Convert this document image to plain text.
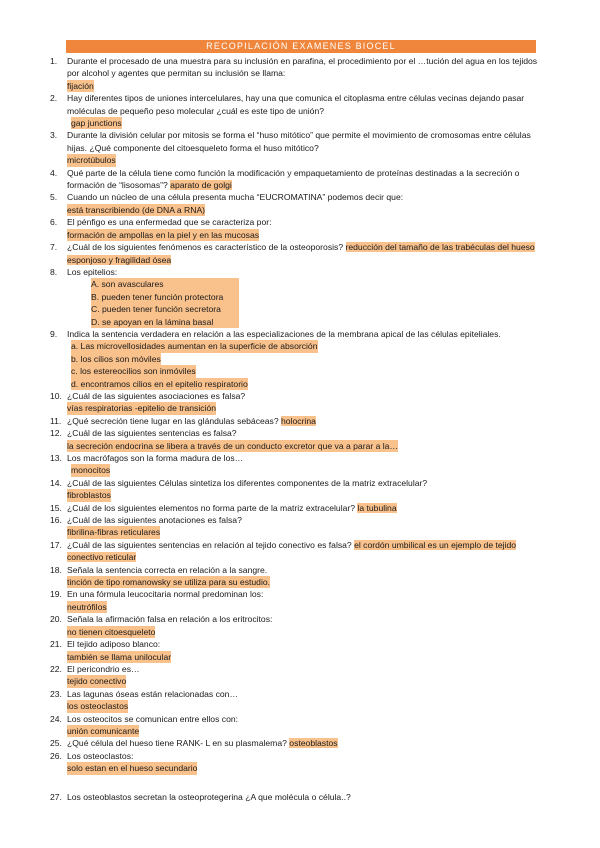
RECOPILACIÓN EXAMENES BIOCEL
1. Durante el procesado de una muestra para su inclusión en parafina, el procedimiento por el …tución del agua en los tejidos por alcohol y agentes que permitan su inclusión se llama:
fijación
2. Hay diferentes tipos de uniones intercelulares, hay una que comunica el citoplasma entre células vecinas dejando pasar moléculas de pequeño peso molecular ¿cuál es este tipo de unión?
gap junctions
3. Durante la división celular por mitosis se forma el “huso mitótico” que permite el movimiento de cromosomas entre células hijas. ¿Qué componente del citoesqueleto forma el huso mitótico?
microtúbulos
4. Qué parte de la célula tiene como función la modificación y empaquetamiento de proteínas destinadas a la secreción o formación de “lisosomas”? aparato de golgi
5. Cuando un núcleo de una célula presenta mucha “EUCROMATINA” podemos decir que:
está transcribiendo (de DNA a RNA)
6. El pénfigo es una enfermedad que se caracteriza por:
formación de ampollas en la piel y en las mucosas
7. ¿Cuál de los siguientes fenómenos es característico de la osteoporosis? reducción del tamaño de las trabéculas del hueso esponjoso y fragilidad ósea
8. Los epitelios:
A. son avasculares
B. pueden tener función protectora
C. pueden tener función secretora
D. se apoyan en la lámina basal
9. Indica la sentencia verdadera en relación a las especializaciones de la membrana apical de las células epiteliales.
a. Las microvellosidades aumentan en la superficie de absorción
b. los cilios son móviles
c. los estereocilios son inmóviles
d. encontramos cilios en el epitelio respiratorio
10. ¿Cuál de las siguientes asociaciones es falsa?
vías respiratorias -epitelio de transición
11. ¿Qué secreción tiene lugar en las glándulas sebáceas? holocrina
12. ¿Cuál de las siguientes sentencias es falsa?
la secreción endocrina se libera a través de un conducto excretor que va a parar a la…
13. Los macrófagos son la forma madura de los…
monocitos
14. ¿Cuál de las siguientes Células sintetiza los diferentes componentes de la matriz extracelular?
fibroblastos
15. ¿Cuál de los siguientes elementos no forma parte de la matriz extracelular? la tubulina
16. ¿Cuál de las siguientes anotaciones es falsa?
fibrilina-fibras reticulares
17. ¿Cuál de las siguientes sentencias en relación al tejido conectivo es falsa? el cordón umbilical es un ejemplo de tejido conectivo reticular
18. Señala la sentencia correcta en relación a la sangre.
tinción de tipo romanowsky se utiliza para su estudio.
19. En una fórmula leucocitaria normal predominan los:
neutrófilos
20. Señala la afirmación falsa en relación a los eritrocitos:
no tienen citoesqueleto
21. El tejido adiposo blanco:
también se llama unilocular
22. El pericondrio es…
tejido conectivo
23. Las lagunas óseas están relacionadas con…
los osteoclastos
24. Los osteocitos se comunican entre ellos con:
unión comunicante
25. ¿Qué célula del hueso tiene RANK- L en su plasmalema? osteoblastos
26. Los osteoclastos:
solo estan en el hueso secundario
27. Los osteoblastos secretan la osteoprotegerina ¿A que molécula o célula..?
